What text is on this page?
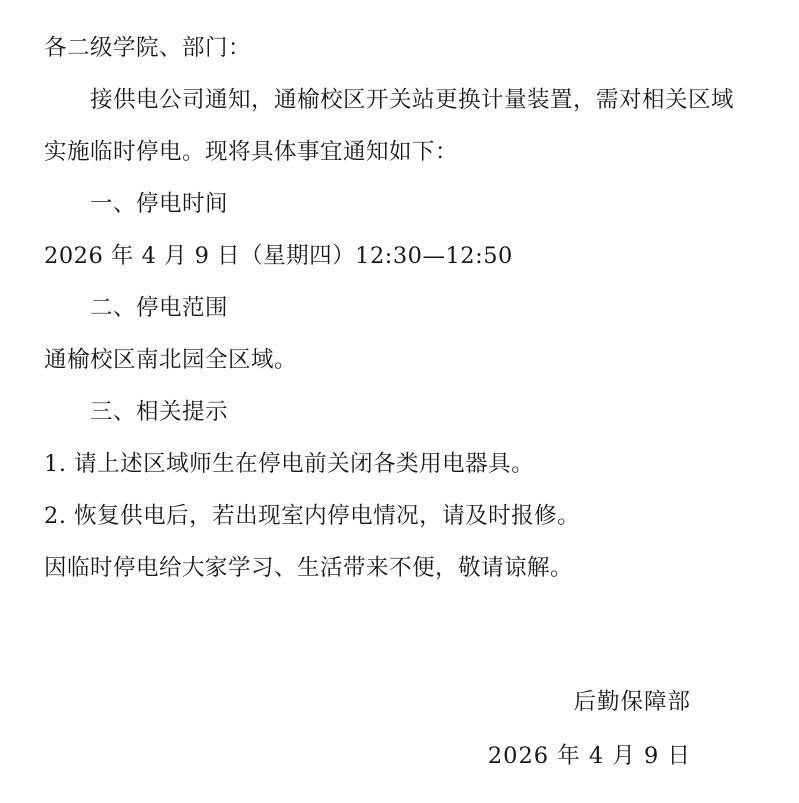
各二级学院、部门：
接供电公司通知，通榆校区开关站更换计量装置，需对相关区域实施临时停电。现将具体事宜通知如下：
一、停电时间
2026 年 4 月 9 日（星期四）12:30—12:50
二、停电范围
通榆校区南北园全区域。
三、相关提示
1. 请上述区域师生在停电前关闭各类用电器具。
2. 恢复供电后，若出现室内停电情况，请及时报修。
因临时停电给大家学习、生活带来不便，敬请谅解。
后勤保障部
2026 年 4 月 9 日
